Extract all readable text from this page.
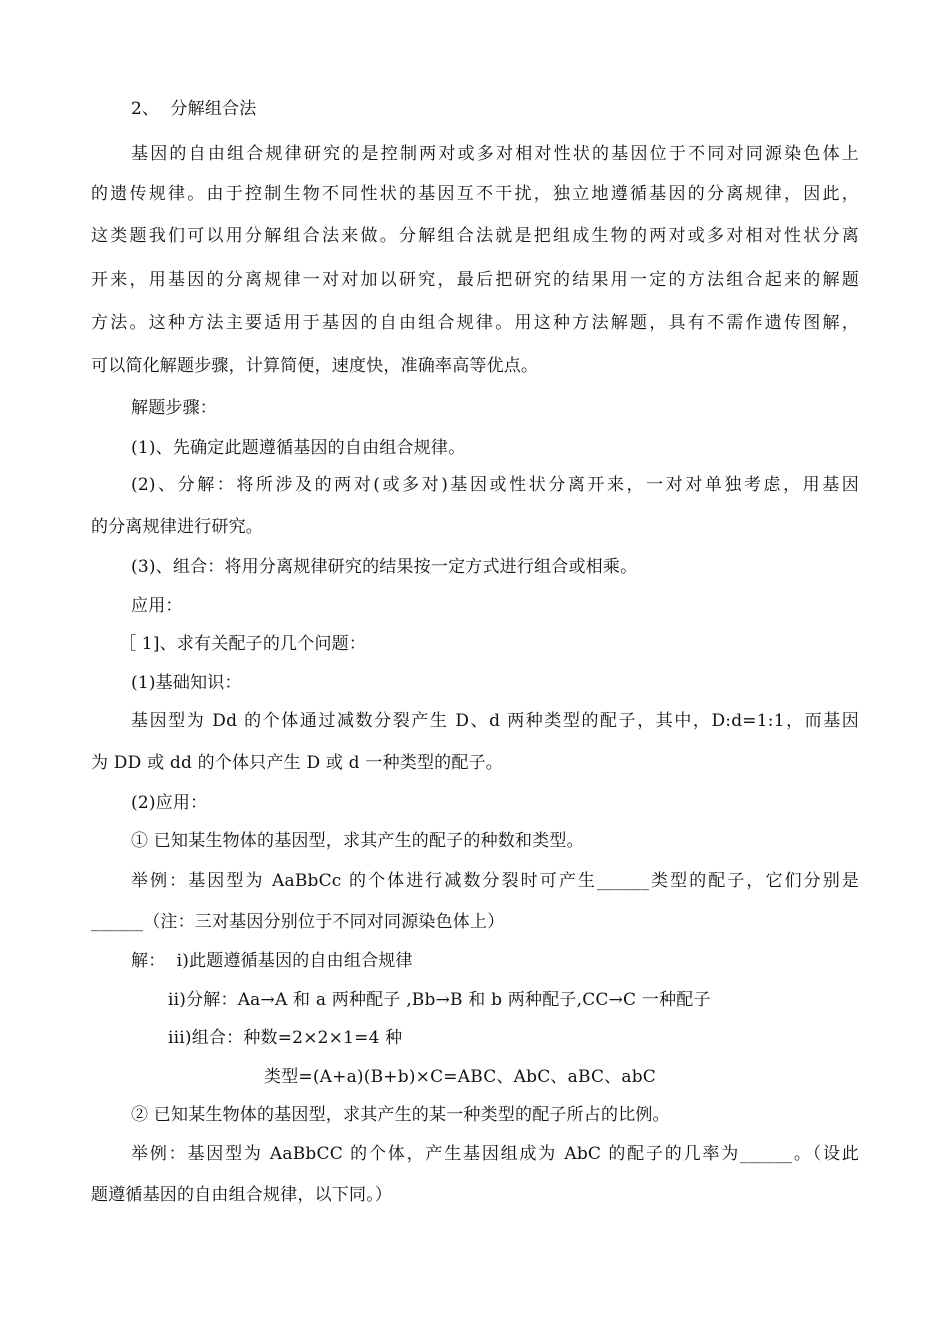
2、  分解组合法
基因的自由组合规律研究的是控制两对或多对相对性状的基因位于不同对同源染色体上
的遗传规律。由于控制生物不同性状的基因互不干扰，独立地遵循基因的分离规律，因此，
这类题我们可以用分解组合法来做。分解组合法就是把组成生物的两对或多对相对性状分离
开来，用基因的分离规律一对对加以研究，最后把研究的结果用一定的方法组合起来的解题
方法。这种方法主要适用于基因的自由组合规律。用这种方法解题，具有不需作遗传图解，
可以简化解题步骤，计算简便，速度快，准确率高等优点。
解题步骤：
(1)、先确定此题遵循基因的自由组合规律。
(2)、分解：将所涉及的两对(或多对)基因或性状分离开来，一对对单独考虑，用基因
的分离规律进行研究。
(3)、组合：将用分离规律研究的结果按一定方式进行组合或相乘。
应用：
［ 1]、求有关配子的几个问题：
(1)基础知识：
基因型为 Dd 的个体通过减数分裂产生 D、d 两种类型的配子，其中，D:d=1:1，而基因
为 DD 或 dd 的个体只产生 D 或 d 一种类型的配子。
(2)应用：
① 已知某生物体的基因型，求其产生的配子的种数和类型。
举例：基因型为 AaBbCc 的个体进行减数分裂时可产生______类型的配子，它们分别是
______（注：三对基因分别位于不同对同源染色体上）
解：  i)此题遵循基因的自由组合规律
ii)分解：Aa→A 和 a 两种配子 ,Bb→B 和 b 两种配子,CC→C 一种配子
iii)组合：种数=2×2×1=4 种
类型=(A+a)(B+b)×C=ABC、AbC、aBC、abC
② 已知某生物体的基因型，求其产生的某一种类型的配子所占的比例。
举例：基因型为 AaBbCC 的个体，产生基因组成为 AbC 的配子的几率为______。（设此
题遵循基因的自由组合规律，以下同。）
